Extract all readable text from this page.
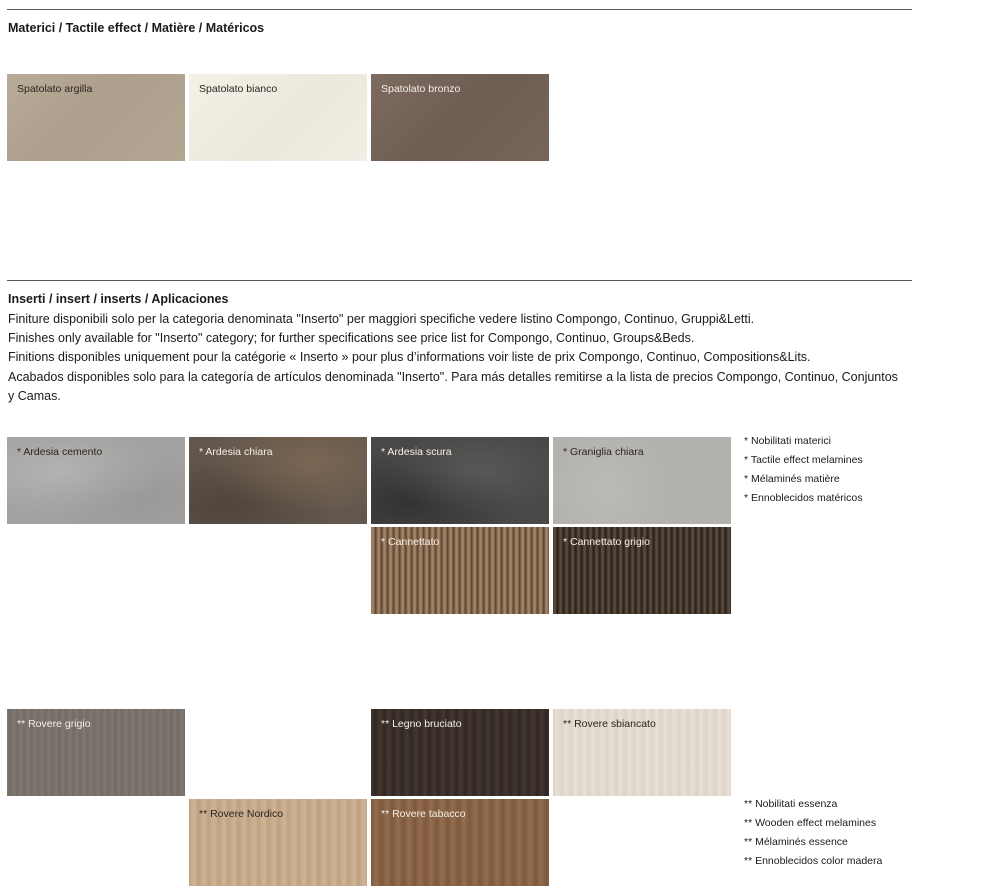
Materici / Tactile effect / Matière / Matéricos
Spatolato argilla	Spatolato bianco	Spatolato bronzo
Inserti / insert / inserts / Aplicaciones
Finiture disponibili solo per la categoria denominata "Inserto" per maggiori specifiche vedere listino Compongo, Continuo, Gruppi&Letti.
Finishes only available for "Inserto" category; for further specifications see price list for Compongo, Continuo, Groups&Beds.
Finitions disponibles uniquement pour la catégorie « Inserto » pour plus d’informations voir liste de prix Compongo, Continuo, Compositions&Lits.
Acabados disponibles solo para la categoría de artículos denominada "Inserto". Para más detalles remitirse a la lista de precios Compongo, Continuo, Conjuntos y Camas.
* Ardesia cemento	* Ardesia chiara	* Ardesia scura	* Graniglia chiara
* Cannettato	* Cannettato grigio
* Nobilitati materici
* Tactile effect melamines
* Mélaminés matière
* Ennoblecidos matéricos
** Rovere grigio	** Legno bruciato	** Rovere sbiancato
** Rovere Nordico	** Rovere tabacco
** Nobilitati essenza
** Wooden effect melamines
** Mélaminés essence
** Ennoblecidos color madera
